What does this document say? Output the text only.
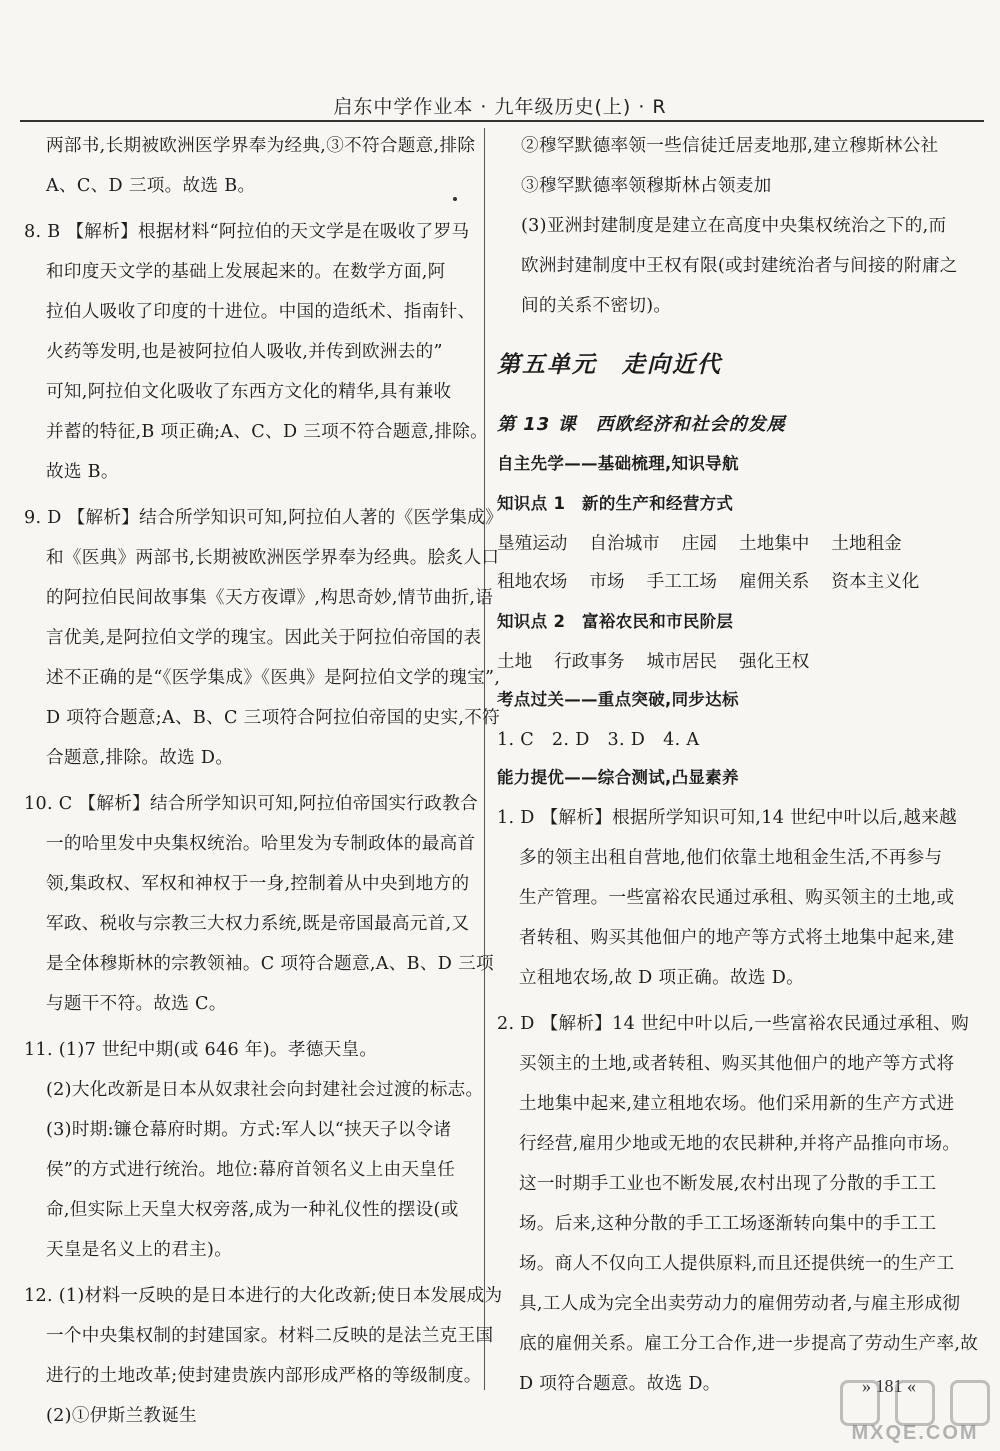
启东中学作业本 · 九年级历史(上) · R
两部书,长期被欧洲医学界奉为经典,③不符合题意,排除
A、C、D 三项。故选 B。
8. B 【解析】根据材料“阿拉伯的天文学是在吸收了罗马
和印度天文学的基础上发展起来的。在数学方面,阿
拉伯人吸收了印度的十进位。中国的造纸术、指南针、
火药等发明,也是被阿拉伯人吸收,并传到欧洲去的”
可知,阿拉伯文化吸收了东西方文化的精华,具有兼收
并蓄的特征,B 项正确;A、C、D 三项不符合题意,排除。
故选 B。
9. D 【解析】结合所学知识可知,阿拉伯人著的《医学集成》
和《医典》两部书,长期被欧洲医学界奉为经典。脍炙人口
的阿拉伯民间故事集《天方夜谭》,构思奇妙,情节曲折,语
言优美,是阿拉伯文学的瑰宝。因此关于阿拉伯帝国的表
述不正确的是“《医学集成》《医典》是阿拉伯文学的瑰宝”,
D 项符合题意;A、B、C 三项符合阿拉伯帝国的史实,不符
合题意,排除。故选 D。
10. C 【解析】结合所学知识可知,阿拉伯帝国实行政教合
一的哈里发中央集权统治。哈里发为专制政体的最高首
领,集政权、军权和神权于一身,控制着从中央到地方的
军政、税收与宗教三大权力系统,既是帝国最高元首,又
是全体穆斯林的宗教领袖。C 项符合题意,A、B、D 三项
与题干不符。故选 C。
11. (1)7 世纪中期(或 646 年)。孝德天皇。
(2)大化改新是日本从奴隶社会向封建社会过渡的标志。
(3)时期:镰仓幕府时期。方式:军人以“挟天子以令诸
侯”的方式进行统治。地位:幕府首领名义上由天皇任
命,但实际上天皇大权旁落,成为一种礼仪性的摆设(或
天皇是名义上的君主)。
12. (1)材料一反映的是日本进行的大化改新;使日本发展成为
一个中央集权制的封建国家。材料二反映的是法兰克王国
进行的土地改革;使封建贵族内部形成严格的等级制度。
(2)①伊斯兰教诞生
②穆罕默德率领一些信徒迁居麦地那,建立穆斯林公社
③穆罕默德率领穆斯林占领麦加
(3)亚洲封建制度是建立在高度中央集权统治之下的,而
欧洲封建制度中王权有限(或封建统治者与间接的附庸之
间的关系不密切)。
第五单元　走向近代
第 13 课　西欧经济和社会的发展
自主先学——基础梳理,知识导航
知识点 1　新的生产和经营方式
垦殖运动 自治城市 庄园 土地集中 土地租金
租地农场 市场 手工工场 雇佣关系 资本主义化
知识点 2　富裕农民和市民阶层
土地 行政事务 城市居民 强化王权
考点过关——重点突破,同步达标
1. C　2. D　3. D　4. A
能力提优——综合测试,凸显素养
1. D 【解析】根据所学知识可知,14 世纪中叶以后,越来越
多的领主出租自营地,他们依靠土地租金生活,不再参与
生产管理。一些富裕农民通过承租、购买领主的土地,或
者转租、购买其他佃户的地产等方式将土地集中起来,建
立租地农场,故 D 项正确。故选 D。
2. D 【解析】14 世纪中叶以后,一些富裕农民通过承租、购
买领主的土地,或者转租、购买其他佃户的地产等方式将
土地集中起来,建立租地农场。他们采用新的生产方式进
行经营,雇用少地或无地的农民耕种,并将产品推向市场。
这一时期手工业也不断发展,农村出现了分散的手工工
场。后来,这种分散的手工工场逐渐转向集中的手工工
场。商人不仅向工人提供原料,而且还提供统一的生产工
具,工人成为完全出卖劳动力的雇佣劳动者,与雇主形成彻
底的雇佣关系。雇工分工合作,进一步提高了劳动生产率,故
D 项符合题意。故选 D。	» 181 «
MXQE.COM
